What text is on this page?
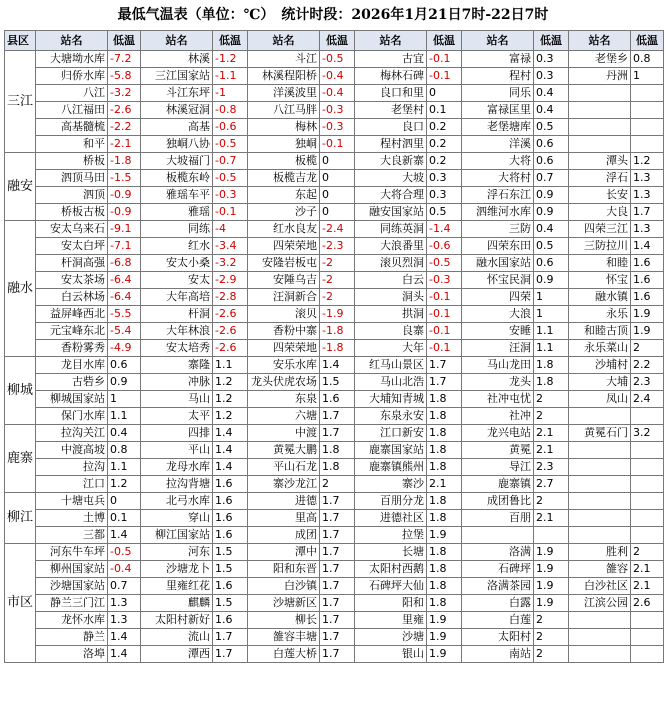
最低气温表（单位：℃）　统计时段：2026年1月21日7时-22日7时
县区	站名	低温	站名	低温	站名	低温	站名	低温	站名	低温	站名	低温
三江	大塘坳水库	-7.2	林溪	-1.2	斗江	-0.5	古宜	-0.1	富禄	0.3	老堡乡	0.8
	归侨水库	-5.8	三江国家站	-1.1	林溪程阳桥	-0.4	梅林石碑	-0.1	程村	0.3	丹洲	1
	八江	-3.2	斗江东坪	-1	洋溪波里	-0.4	良口和里	0	同乐	0.4		
	八江福田	-2.6	林溪冠洞	-0.8	八江马胖	-0.3	老堡村	0.1	富禄匡里	0.4		
	高基髓梳	-2.2	高基	-0.6	梅林	-0.3	良口	0.2	老堡塘库	0.5		
	和平	-2.1	独峒八协	-0.5	独峒	-0.1	程村泗里	0.2	洋溪	0.6		
融安	桥板	-1.8	大坡福门	-0.7	板榄	0	大良新寨	0.2	大将	0.6	潭头	1.2
	泗顶马田	-1.5	板榄东岭	-0.5	板榄吉龙	0	大坡	0.3	大将村	0.7	浮石	1.3
	泗顶	-0.9	雅瑶车平	-0.3	东起	0	大将合理	0.3	浮石东江	0.9	长安	1.3
	桥板古板	-0.9	雅瑶	-0.1	沙子	0	融安国家站	0.5	泗维河水库	0.9	大良	1.7
融水	安太乌来石	-9.1	同练	-4	红水良友	-2.4	同练英洞	-1.4	三防	0.4	四荣三江	1.3
	安太白坪	-7.1	红水	-3.4	四荣荣地	-2.3	大浪番里	-0.6	四荣东田	0.5	三防拉川	1.4
	杆洞高强	-6.8	安太小桑	-3.2	安隆岩板屯	-2	滚贝烈洞	-0.5	融水国家站	0.6	和睦	1.6
	安太茶场	-6.4	安太	-2.9	安陲乌吉	-2	白云	-0.3	怀宝民洞	0.9	怀宝	1.6
	白云林场	-6.4	大年高培	-2.8	汪洞新合	-2	洞头	-0.1	四荣	1	融水镇	1.6
	益屏峰西北	-5.5	杆洞	-2.6	滚贝	-1.9	拱洞	-0.1	大浪	1	永乐	1.9
	元宝峰东北	-5.4	大年林浪	-2.6	香粉中寨	-1.8	良寨	-0.1	安睡	1.1	和睦古顶	1.9
	香粉雾秀	-4.9	安太培秀	-2.6	四荣荣地	-1.8	大年	-0.1	汪洞	1.1	永乐菜山	2
柳城	龙目水库	0.6	寨隆	1.1	安乐水库	1.4	红马山景区	1.7	马山龙田	1.8	沙埔村	2.2
	古砦乡	0.9	冲脉	1.2	龙头伏虎农场	1.5	马山北浩	1.7	龙头	1.8	大埔	2.3
	柳城国家站	1	马山	1.2	东泉	1.6	大埔知青城	1.8	社冲屯忧	2	凤山	2.4
	保门水库	1.1	太平	1.2	六塘	1.7	东泉永安	1.8	社冲	2		
鹿寨	拉沟关江	0.4	四排	1.4	中渡	1.7	江口新安	1.8	龙兴电站	2.1	黄冕石门	3.2
	中渡高坡	0.8	平山	1.4	黄冕大鹏	1.8	鹿寨国家站	1.8	黄冕	2.1		
	拉沟	1.1	龙母水库	1.4	平山石龙	1.8	鹿寨镇熊州	1.8	导江	2.3		
	江口	1.2	拉沟背塘	1.6	寨沙龙江	2	寨沙	2.1	鹿寨镇	2.7		
柳江	十塘屯兵	0	北弓水库	1.6	进德	1.7	百朋分龙	1.8	成团鲁比	2		
	土博	0.1	穿山	1.6	里高	1.7	进德社区	1.8	百朋	2.1		
	三都	1.4	柳江国家站	1.6	成团	1.7	拉堡	1.9				
市区	河东牛车坪	-0.5	河东	1.5	潭中	1.7	长塘	1.8	洛满	1.9	胜利	2
	柳州国家站	-0.4	沙塘龙卜	1.5	阳和东晋	1.7	太阳村西鹅	1.8	石碑坪	1.9	雒容	2.1
	沙塘国家站	0.7	里雍红花	1.6	白沙镇	1.7	石碑坪大仙	1.8	洛满茶园	1.9	白沙社区	2.1
	静兰三门江	1.3	麒麟	1.5	沙塘新区	1.7	阳和	1.8	白露	1.9	江滨公园	2.6
	龙怀水库	1.3	太阳村新好	1.6	柳长	1.7	里雍	1.9	白莲	2		
	静兰	1.4	流山	1.7	雒容丰塘	1.7	沙塘	1.9	太阳村	2		
	洛埠	1.4	潭西	1.7	白莲大桥	1.7	银山	1.9	南站	2		
